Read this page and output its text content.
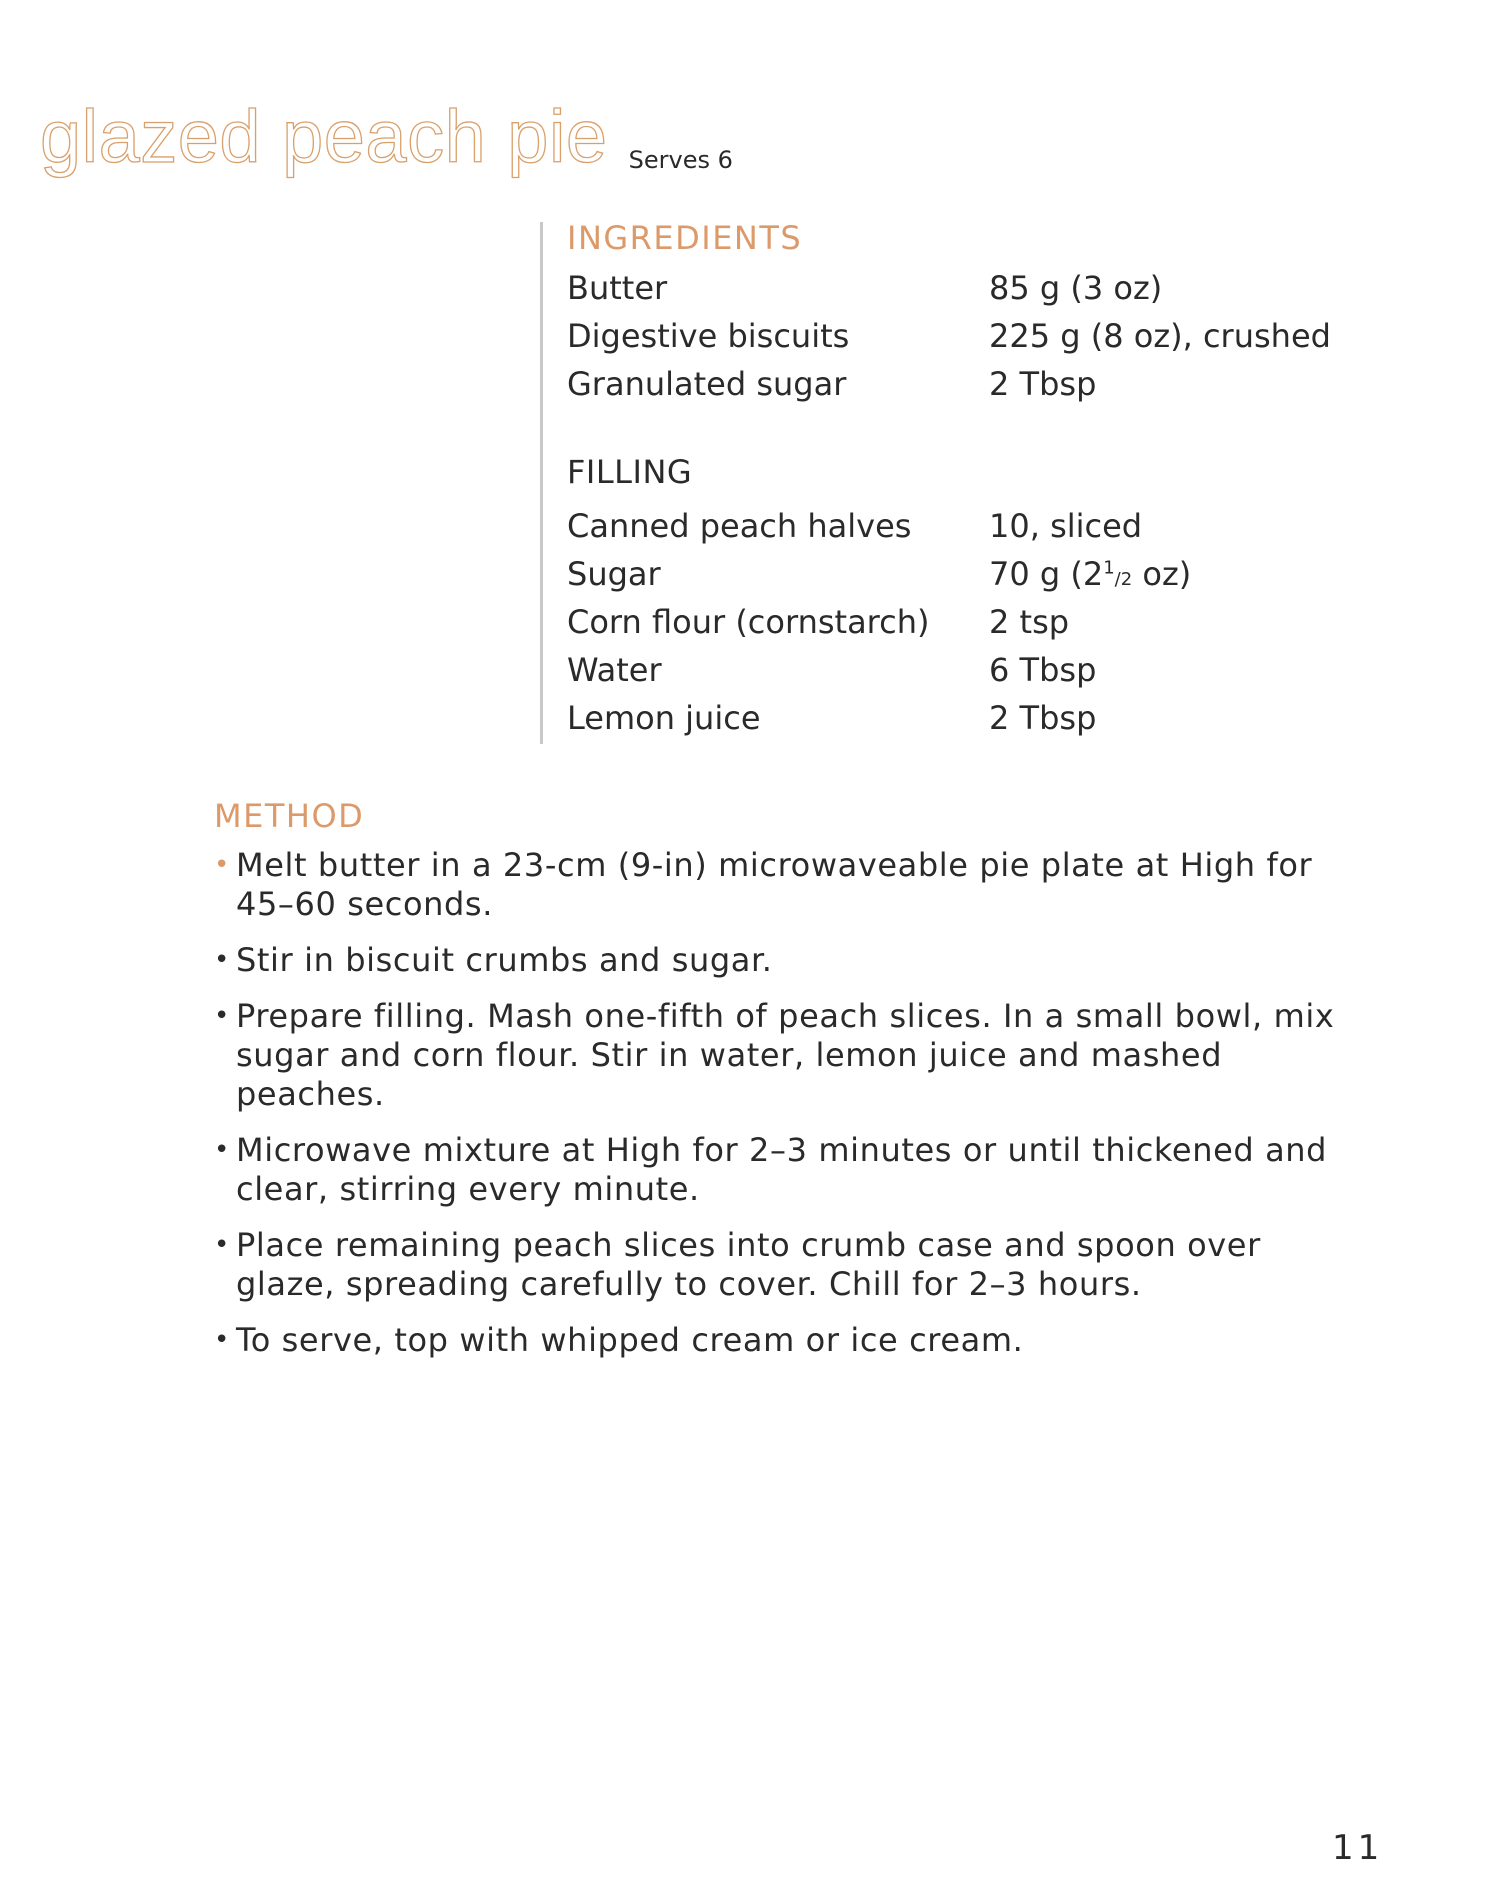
glazed peach pie Serves 6
INGREDIENTS
Butter	85 g (3 oz)
Digestive biscuits	225 g (8 oz), crushed
Granulated sugar	2 Tbsp
FILLING
Canned peach halves	10, sliced
Sugar	70 g ($2^1/2$ oz)
Corn flour (cornstarch)	2 tsp
Water	6 Tbsp
Lemon juice	2 Tbsp
METHOD
• Melt butter in a 23-cm (9-in) microwaveable pie plate at High for 45–60 seconds.
• Stir in biscuit crumbs and sugar.
• Prepare filling. Mash one-fifth of peach slices. In a small bowl, mix sugar and corn flour. Stir in water, lemon juice and mashed peaches.
• Microwave mixture at High for 2–3 minutes or until thickened and clear, stirring every minute.
• Place remaining peach slices into crumb case and spoon over glaze, spreading carefully to cover. Chill for 2–3 hours.
• To serve, top with whipped cream or ice cream.
11
